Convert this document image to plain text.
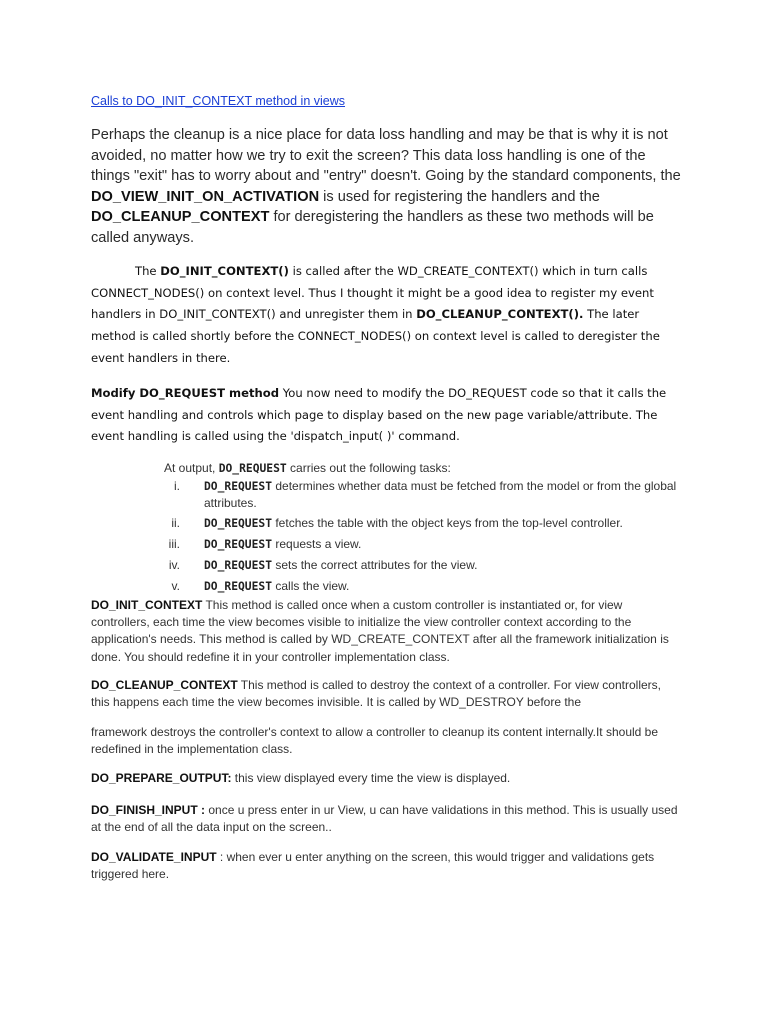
Calls to DO_INIT_CONTEXT method in views
Perhaps the cleanup is a nice place for data loss handling and may be that is why it is not avoided, no matter how we try to exit the screen? This data loss handling is one of the things "exit" has to worry about and "entry" doesn't. Going by the standard components, the DO_VIEW_INIT_ON_ACTIVATION is used for registering the handlers and the DO_CLEANUP_CONTEXT for deregistering the handlers as these two methods will be called anyways.
The DO_INIT_CONTEXT() is called after the WD_CREATE_CONTEXT() which in turn calls CONNECT_NODES() on context level. Thus I thought it might be a good idea to register my event handlers in DO_INIT_CONTEXT() and unregister them in DO_CLEANUP_CONTEXT(). The later method is called shortly before the CONNECT_NODES() on context level is called to deregister the event handlers in there.
Modify DO_REQUEST method You now need to modify the DO_REQUEST code so that it calls the event handling and controls which page to display based on the new page variable/attribute. The event handling is called using the 'dispatch_input( )' command.
At output, DO_REQUEST carries out the following tasks:
i. DO_REQUEST determines whether data must be fetched from the model or from the global attributes.
ii. DO_REQUEST fetches the table with the object keys from the top-level controller.
iii. DO_REQUEST requests a view.
iv. DO_REQUEST sets the correct attributes for the view.
v. DO_REQUEST calls the view.
DO_INIT_CONTEXT This method is called once when a custom controller is instantiated or, for view controllers, each time the view becomes visible to initialize the view controller context according to the application's needs. This method is called by WD_CREATE_CONTEXT after all the framework initialization is done. You should redefine it in your controller implementation class.
DO_CLEANUP_CONTEXT This method is called to destroy the context of a controller. For view controllers, this happens each time the view becomes invisible. It is called by WD_DESTROY before the
framework destroys the controller's context to allow a controller to cleanup its content internally.It should be redefined in the implementation class.
DO_PREPARE_OUTPUT: this view displayed every time the view is displayed.
DO_FINISH_INPUT : once u press enter in ur View, u can have validations in this method. This is usually used at the end of all the data input on the screen..
DO_VALIDATE_INPUT : when ever u enter anything on the screen, this would trigger and validations gets triggered here.
